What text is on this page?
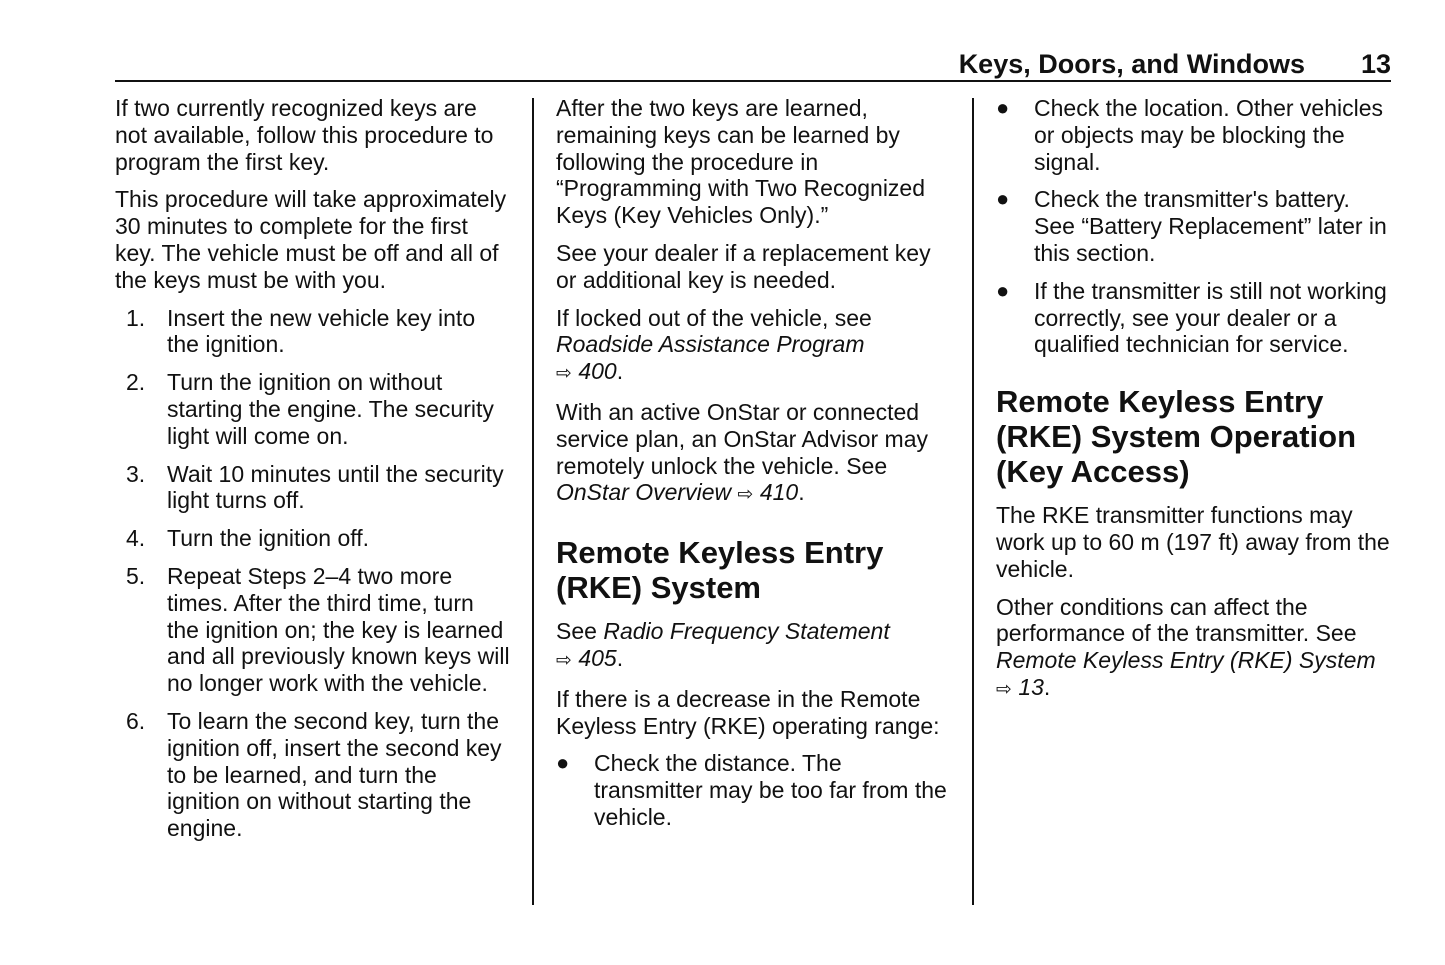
Keys, Doors, and Windows 13

If two currently recognized keys are not available, follow this procedure to program the first key.

This procedure will take approximately 30 minutes to complete for the first key. The vehicle must be off and all of the keys must be with you.

1. Insert the new vehicle key into the ignition.
2. Turn the ignition on without starting the engine. The security light will come on.
3. Wait 10 minutes until the security light turns off.
4. Turn the ignition off.
5. Repeat Steps 2–4 two more times. After the third time, turn the ignition on; the key is learned and all previously known keys will no longer work with the vehicle.
6. To learn the second key, turn the ignition off, insert the second key to be learned, and turn the ignition on without starting the engine.

After the two keys are learned, remaining keys can be learned by following the procedure in “Programming with Two Recognized Keys (Key Vehicles Only).”

See your dealer if a replacement key or additional key is needed.

If locked out of the vehicle, see Roadside Assistance Program
⇨ 400.

With an active OnStar or connected service plan, an OnStar Advisor may remotely unlock the vehicle. See OnStar Overview ⇨ 410.

Remote Keyless Entry (RKE) System

See Radio Frequency Statement
⇨ 405.

If there is a decrease in the Remote Keyless Entry (RKE) operating range:

● Check the distance. The transmitter may be too far from the vehicle.
● Check the location. Other vehicles or objects may be blocking the signal.
● Check the transmitter's battery. See “Battery Replacement” later in this section.
● If the transmitter is still not working correctly, see your dealer or a qualified technician for service.
Remote Keyless Entry (RKE) System Operation (Key Access)

The RKE transmitter functions may work up to 60 m (197 ft) away from the vehicle.

Other conditions can affect the performance of the transmitter. See
Remote Keyless Entry (RKE) System ⇨ 13.
